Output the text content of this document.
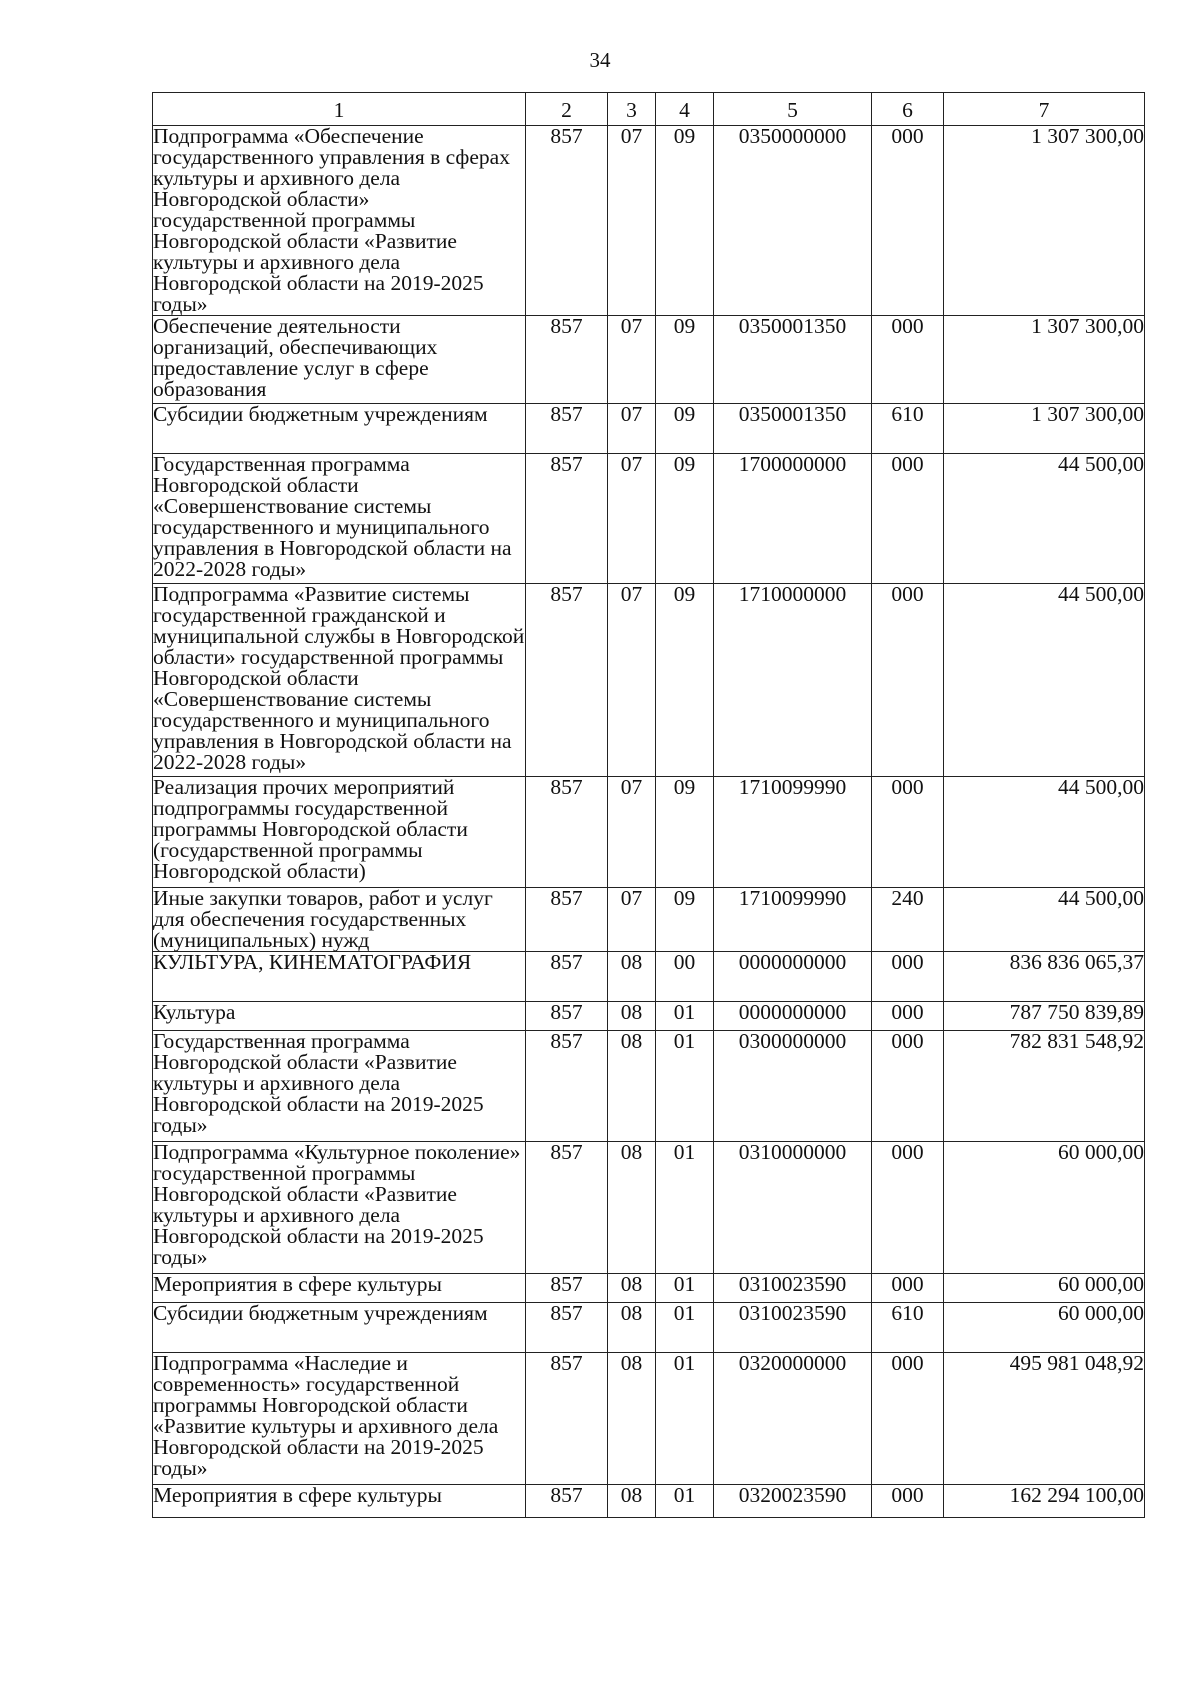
34
1	2	3	4	5	6	7

Подпрограмма «Обеспечение государственного управления в сферах культуры и архивного дела Новгородской области» государственной программы Новгородской области «Развитие культуры и архивного дела Новгородской области на 2019-2025 годы»	857	07	09	0350000000	000	1 307 300,00

Обеспечение деятельности организаций, обеспечивающих предоставление услуг в сфере образования	857	07	09	0350001350	000	1 307 300,00

Субсидии бюджетным учреждениям	857	07	09	0350001350	610	1 307 300,00

Государственная программа Новгородской области «Совершенствование системы государственного и муниципального управления в Новгородской области на 2022-2028 годы»	857	07	09	1700000000	000	44 500,00

Подпрограмма «Развитие системы государственной гражданской и муниципальной службы в Новгородской области» государственной программы Новгородской области «Совершенствование системы государственного и муниципального управления в Новгородской области на 2022-2028 годы»	857	07	09	1710000000	000	44 500,00

Реализация прочих мероприятий подпрограммы государственной программы Новгородской области (государственной программы Новгородской области)	857	07	09	1710099990	000	44 500,00

Иные закупки товаров, работ и услуг для обеспечения государственных (муниципальных) нужд	857	07	09	1710099990	240	44 500,00

КУЛЬТУРА, КИНЕМАТОГРАФИЯ	857	08	00	0000000000	000	836 836 065,37

Культура	857	08	01	0000000000	000	787 750 839,89

Государственная программа Новгородской области «Развитие культуры и архивного дела Новгородской области на 2019-2025 годы»	857	08	01	0300000000	000	782 831 548,92

Подпрограмма «Культурное поколение» государственной программы Новгородской области «Развитие культуры и архивного дела Новгородской области на 2019-2025 годы»	857	08	01	0310000000	000	60 000,00

Мероприятия в сфере культуры	857	08	01	0310023590	000	60 000,00

Субсидии бюджетным учреждениям	857	08	01	0310023590	610	60 000,00

Подпрограмма «Наследие и современность» государственной программы Новгородской области «Развитие культуры и архивного дела Новгородской области на 2019-2025 годы»	857	08	01	0320000000	000	495 981 048,92

Мероприятия в сфере культуры	857	08	01	0320023590	000	162 294 100,00
